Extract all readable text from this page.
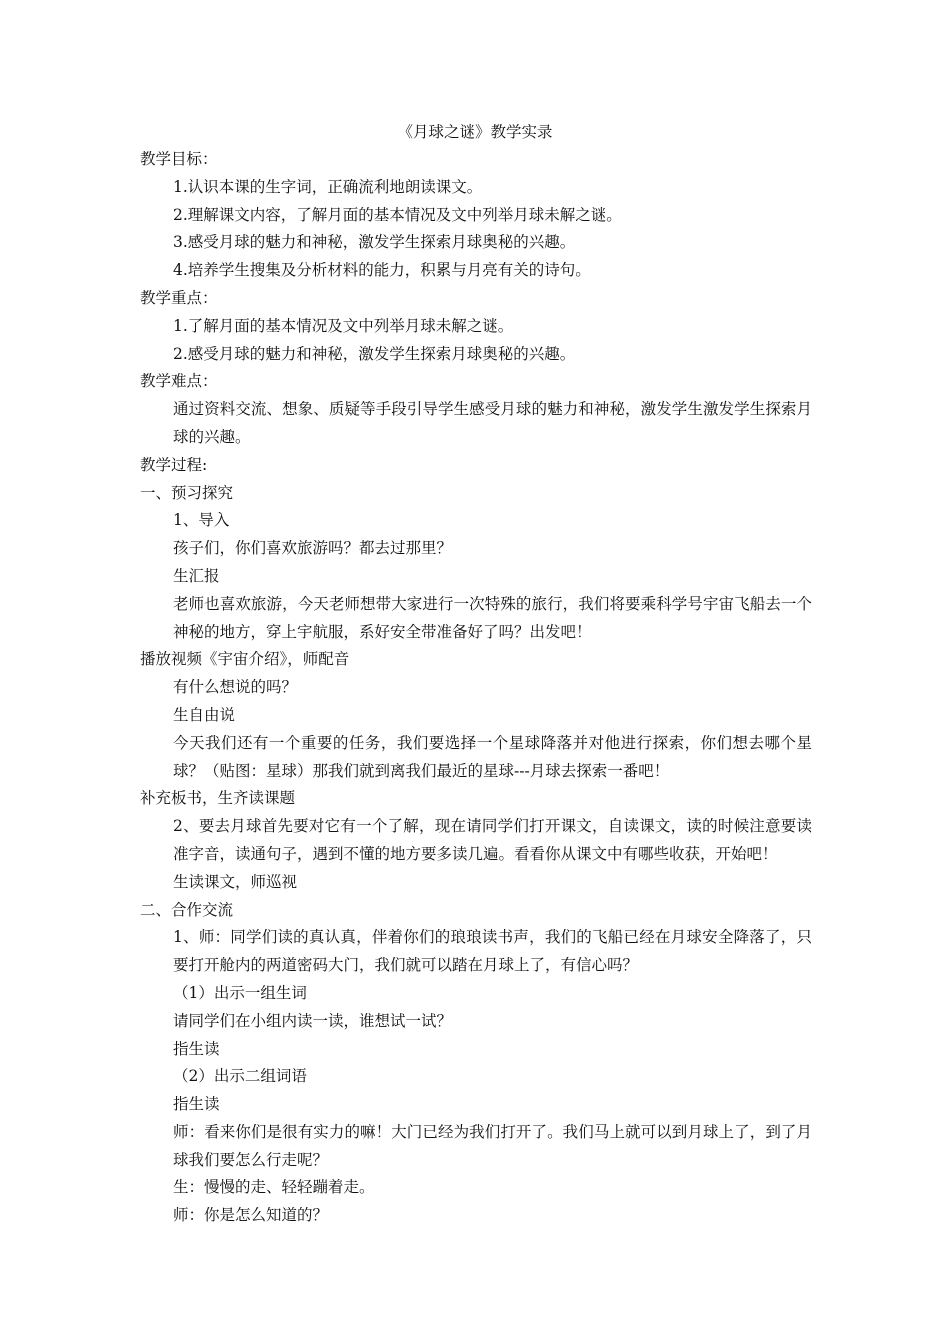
《月球之谜》教学实录
教学目标：
1.认识本课的生字词，正确流利地朗读课文。
2.理解课文内容，了解月面的基本情况及文中列举月球未解之谜。
3.感受月球的魅力和神秘，激发学生探索月球奥秘的兴趣。
4.培养学生搜集及分析材料的能力，积累与月亮有关的诗句。
教学重点：
1.了解月面的基本情况及文中列举月球未解之谜。
2.感受月球的魅力和神秘，激发学生探索月球奥秘的兴趣。
教学难点：
通过资料交流、想象、质疑等手段引导学生感受月球的魅力和神秘，激发学生激发学生探索月球的兴趣。
教学过程:
一、预习探究
1、导入
孩子们，你们喜欢旅游吗？都去过那里？
生汇报
老师也喜欢旅游，今天老师想带大家进行一次特殊的旅行，我们将要乘科学号宇宙飞船去一个神秘的地方，穿上宇航服，系好安全带准备好了吗？出发吧！
播放视频《宇宙介绍》，师配音
有什么想说的吗？
生自由说
今天我们还有一个重要的任务，我们要选择一个星球降落并对他进行探索，你们想去哪个星球？（贴图：星球）那我们就到离我们最近的星球---月球去探索一番吧！
补充板书，生齐读课题
2、要去月球首先要对它有一个了解，现在请同学们打开课文，自读课文，读的时候注意要读准字音，读通句子，遇到不懂的地方要多读几遍。看看你从课文中有哪些收获，开始吧！
生读课文，师巡视
二、合作交流
1、师：同学们读的真认真，伴着你们的琅琅读书声，我们的飞船已经在月球安全降落了，只要打开舱内的两道密码大门，我们就可以踏在月球上了，有信心吗？
（1）出示一组生词
请同学们在小组内读一读，谁想试一试？
指生读
（2）出示二组词语
指生读
师：看来你们是很有实力的嘛！大门已经为我们打开了。我们马上就可以到月球上了，到了月球我们要怎么行走呢？
生：慢慢的走、轻轻蹦着走。
师：你是怎么知道的？
